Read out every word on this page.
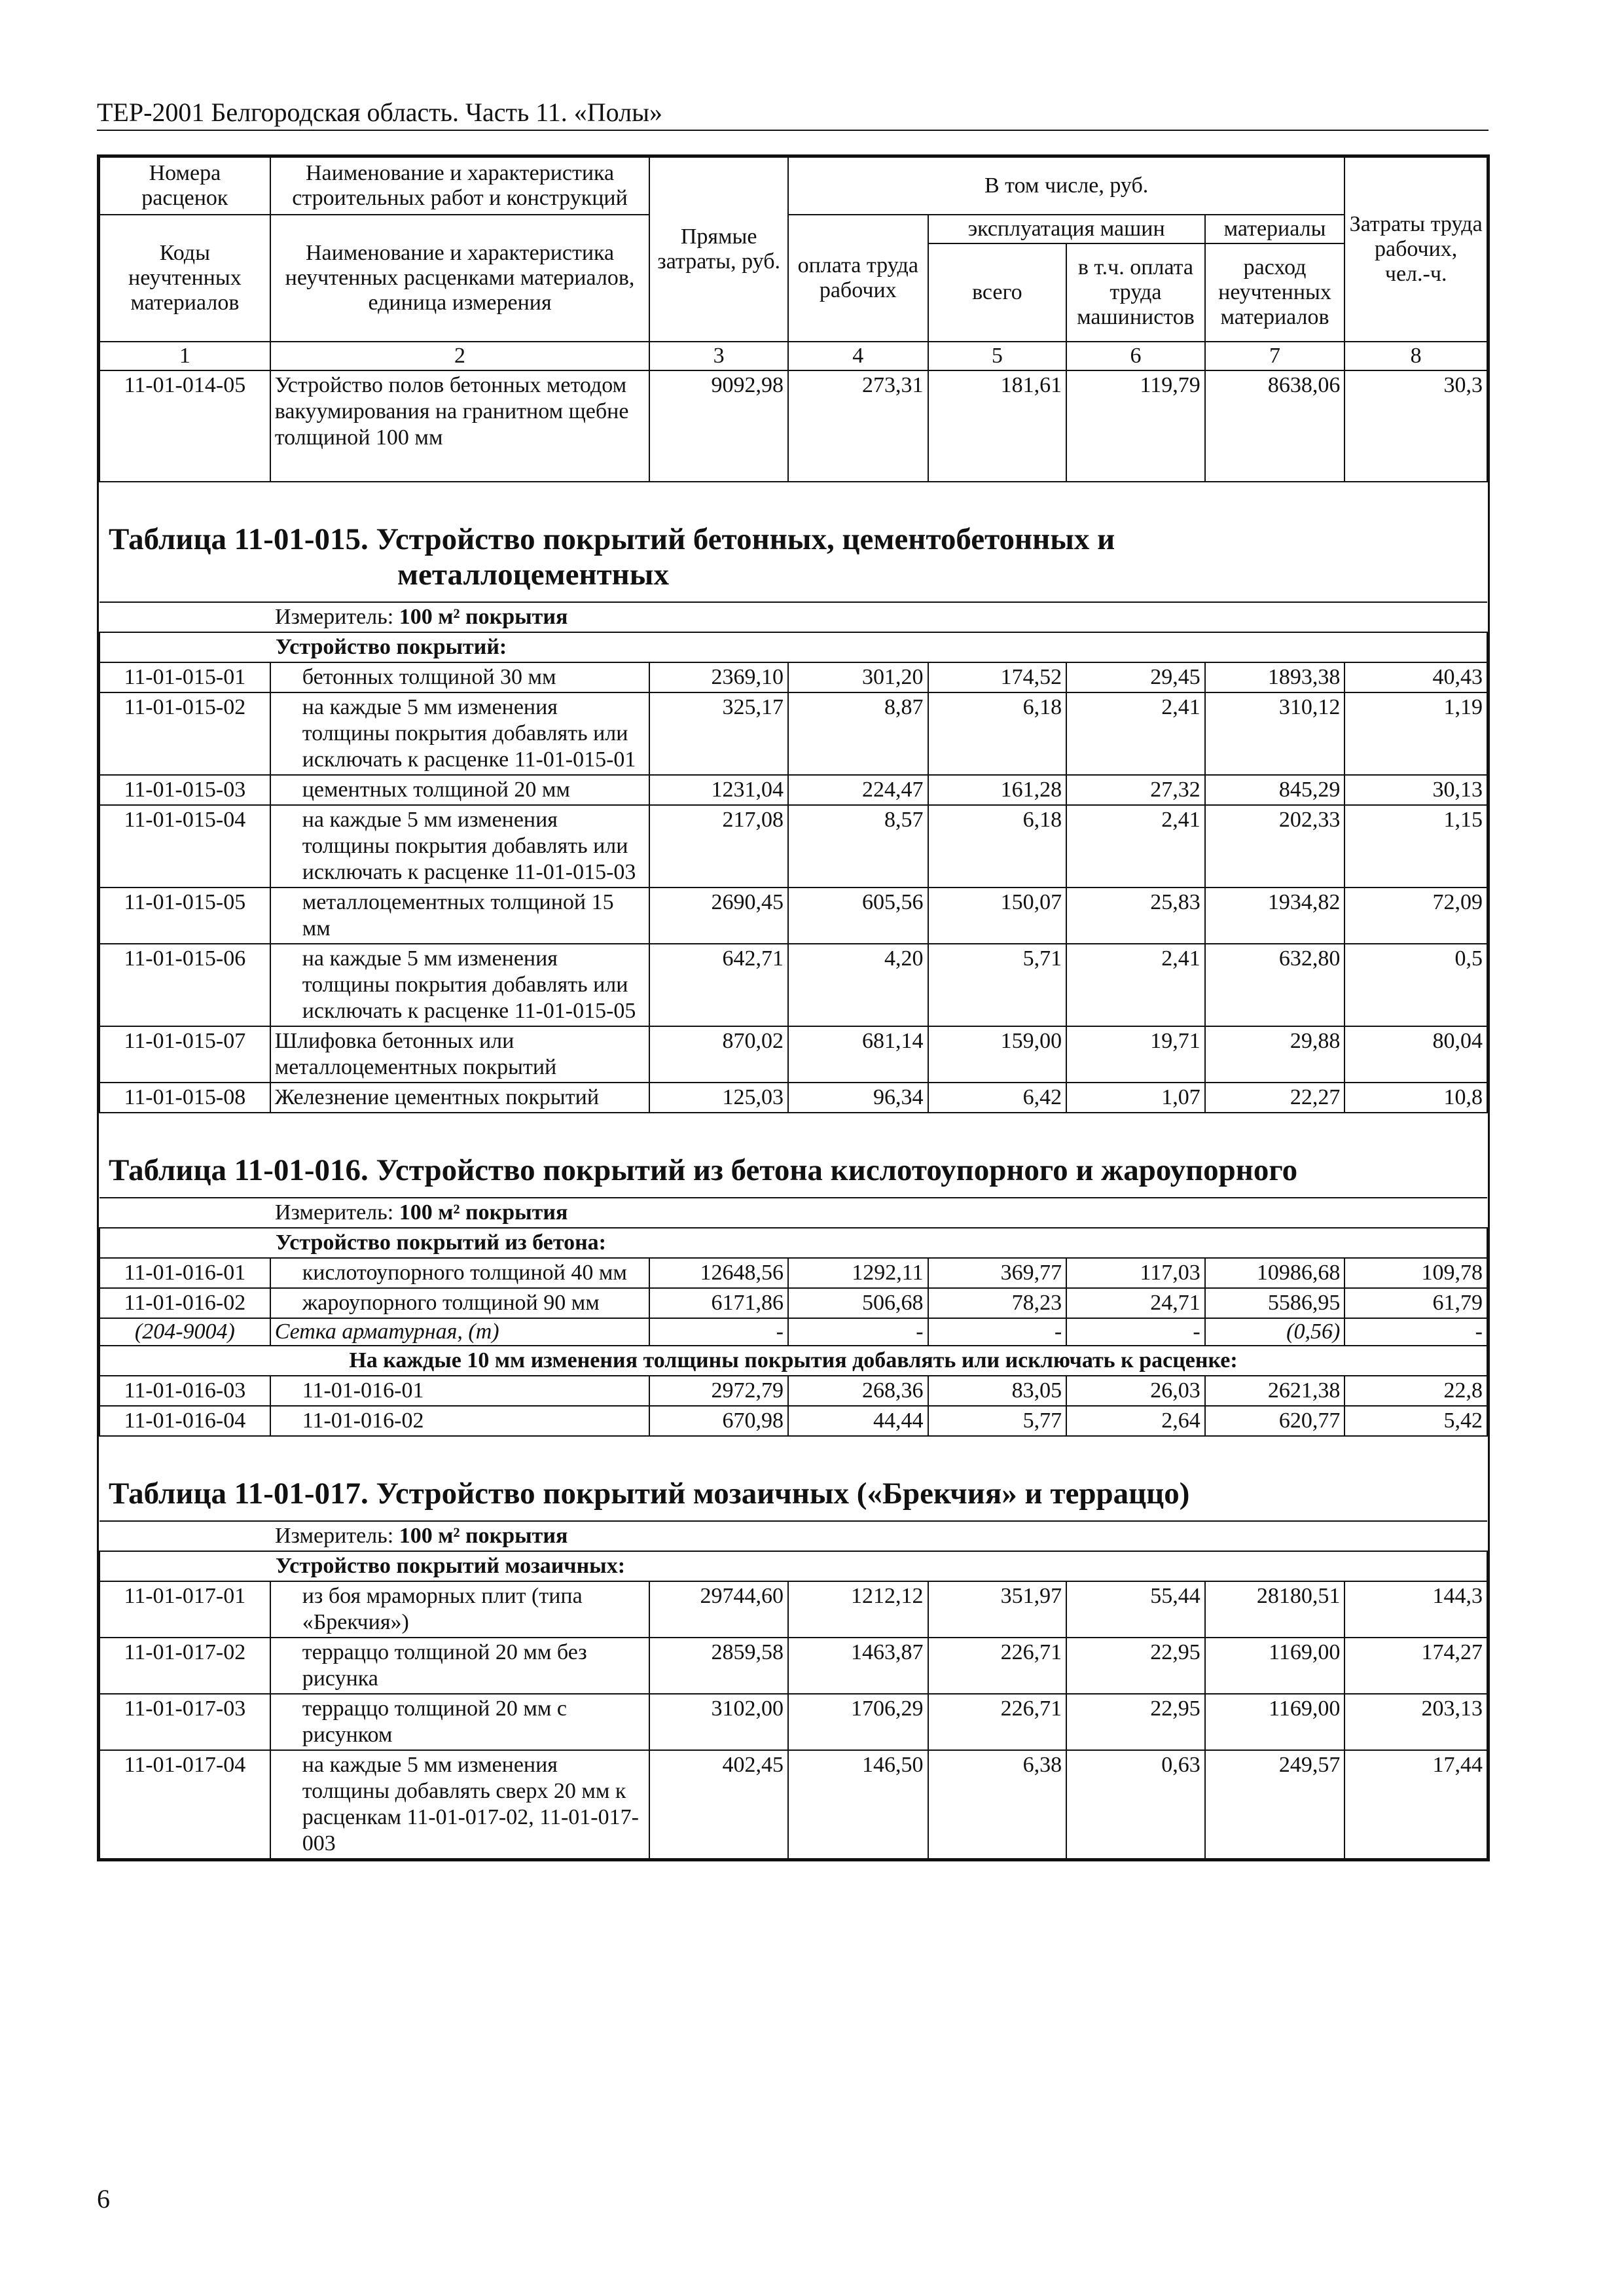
ТЕР-2001 Белгородская область. Часть 11. «Полы»
Номера расценок	Наименование и характеристика строительных работ и конструкций	Прямые затраты, руб.	В том числе, руб.				Затраты труда рабочих, чел.-ч.
Коды неучтенных материалов	Наименование и характеристика неучтенных расценками материалов, единица измерения		оплата труда рабочих	эксплуатация машин		материалы	
				всего	в т.ч. оплата труда машинистов	расход неучтенных материалов	
1	2	3	4	5	6	7	8
11-01-014-05	Устройство полов бетонных методом вакуумирования на гранитном щебне толщиной 100 мм	9092,98	273,31	181,61	119,79	8638,06	30,3
Таблица 11-01-015. Устройство покрытий бетонных, цементобетонных и
металлоцементных							

Измеритель: 100 м² покрытия							
Устройство покрытий:							
11-01-015-01	бетонных толщиной 30 мм	2369,10	301,20	174,52	29,45	1893,38	40,43
11-01-015-02	на каждые 5 мм изменения толщины покрытия добавлять или исключать к расценке 11-01-015-01	325,17	8,87	6,18	2,41	310,12	1,19
11-01-015-03	цементных толщиной 20 мм	1231,04	224,47	161,28	27,32	845,29	30,13
11-01-015-04	на каждые 5 мм изменения толщины покрытия добавлять или исключать к расценке 11-01-015-03	217,08	8,57	6,18	2,41	202,33	1,15
11-01-015-05	металлоцементных толщиной 15 мм	2690,45	605,56	150,07	25,83	1934,82	72,09
11-01-015-06	на каждые 5 мм изменения толщины покрытия добавлять или исключать к расценке 11-01-015-05	642,71	4,20	5,71	2,41	632,80	0,5
11-01-015-07	Шлифовка бетонных или металлоцементных покрытий	870,02	681,14	159,00	19,71	29,88	80,04
11-01-015-08	Железнение цементных покрытий	125,03	96,34	6,42	1,07	22,27	10,8
Таблица 11-01-016. Устройство покрытий из бетона кислотоупорного и жароупорного							
Измеритель: 100 м² покрытия							
Устройство покрытий из бетона:							
11-01-016-01	кислотоупорного толщиной 40 мм	12648,56	1292,11	369,77	117,03	10986,68	109,78
11-01-016-02	жароупорного толщиной 90 мм	6171,86	506,68	78,23	24,71	5586,95	61,79
(204-9004)	Сетка арматурная, (т)	-	-	-	-	(0,56)	-
На каждые 10 мм изменения толщины покрытия добавлять или исключать к расценке:							
11-01-016-03	11-01-016-01	2972,79	268,36	83,05	26,03	2621,38	22,8
11-01-016-04	11-01-016-02	670,98	44,44	5,77	2,64	620,77	5,42
Таблица 11-01-017. Устройство покрытий мозаичных («Брекчия» и терраццо)							
Измеритель: 100 м² покрытия							
Устройство покрытий мозаичных:							
11-01-017-01	из боя мраморных плит (типа «Брекчия»)	29744,60	1212,12	351,97	55,44	28180,51	144,3
11-01-017-02	терраццо толщиной 20 мм без рисунка	2859,58	1463,87	226,71	22,95	1169,00	174,27
11-01-017-03	терраццо толщиной 20 мм с рисунком	3102,00	1706,29	226,71	22,95	1169,00	203,13
11-01-017-04	на каждые 5 мм изменения толщины добавлять сверх 20 мм к расценкам 11-01-017-02, 11-01-017-003	402,45	146,50	6,38	0,63	249,57	17,44
6
